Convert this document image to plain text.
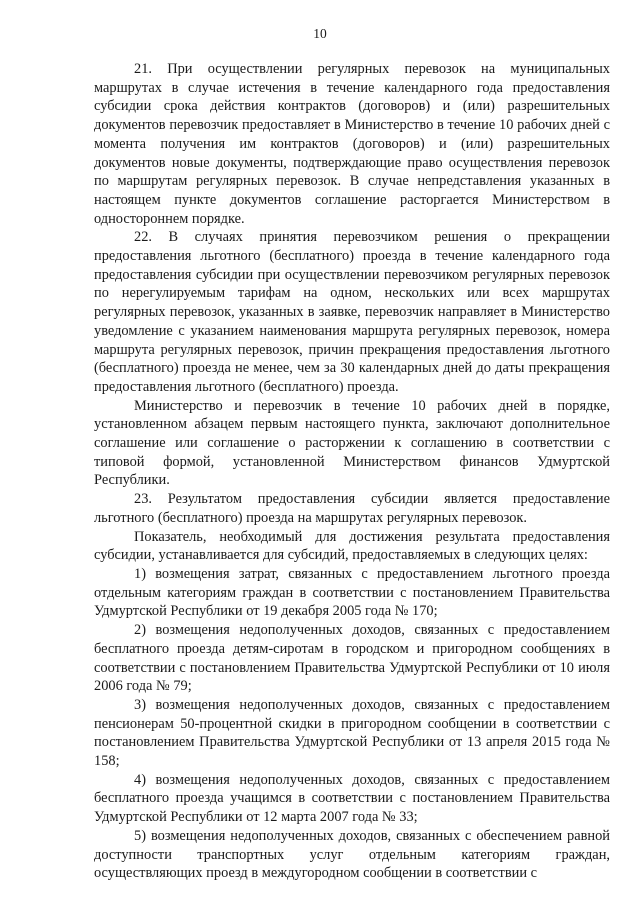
10

21. При осуществлении регулярных перевозок на муниципальных маршрутах в случае истечения в течение календарного года предоставления субсидии срока действия контрактов (договоров) и (или) разрешительных документов перевозчик предоставляет в Министерство в течение 10 рабочих дней с момента получения им контрактов (договоров) и (или) разрешительных документов новые документы, подтверждающие право осуществления перевозок по маршрутам регулярных перевозок. В случае непредставления указанных в настоящем пункте документов соглашение расторгается Министерством в одностороннем порядке.

22. В случаях принятия перевозчиком решения о прекращении предоставления льготного (бесплатного) проезда в течение календарного года предоставления субсидии при осуществлении перевозчиком регулярных перевозок по нерегулируемым тарифам на одном, нескольких или всех маршрутах регулярных перевозок, указанных в заявке, перевозчик направляет в Министерство уведомление с указанием наименования маршрута регулярных перевозок, номера маршрута регулярных перевозок, причин прекращения предоставления льготного (бесплатного) проезда не менее, чем за 30 календарных дней до даты прекращения предоставления льготного (бесплатного) проезда.

Министерство и перевозчик в течение 10 рабочих дней в порядке, установленном абзацем первым настоящего пункта, заключают дополнительное соглашение или соглашение о расторжении к соглашению в соответствии с типовой формой, установленной Министерством финансов Удмуртской Республики.

23. Результатом предоставления субсидии является предоставление льготного (бесплатного) проезда на маршрутах регулярных перевозок.

Показатель, необходимый для достижения результата предоставления субсидии, устанавливается для субсидий, предоставляемых в следующих целях:

1) возмещения затрат, связанных с предоставлением льготного проезда отдельным категориям граждан в соответствии с постановлением Правительства Удмуртской Республики от 19 декабря 2005 года № 170;

2) возмещения недополученных доходов, связанных с предоставлением бесплатного проезда детям-сиротам в городском и пригородном сообщениях в соответствии с постановлением Правительства Удмуртской Республики от 10 июля 2006 года № 79;

3) возмещения недополученных доходов, связанных с предоставлением пенсионерам 50-процентной скидки в пригородном сообщении в соответствии с постановлением Правительства Удмуртской Республики от 13 апреля 2015 года № 158;

4) возмещения недополученных доходов, связанных с предоставлением бесплатного проезда учащимся в соответствии с постановлением Правительства Удмуртской Республики от 12 марта 2007 года № 33;

5) возмещения недополученных доходов, связанных с обеспечением равной доступности транспортных услуг отдельным категориям граждан, осуществляющих проезд в междугородном сообщении в соответствии с
